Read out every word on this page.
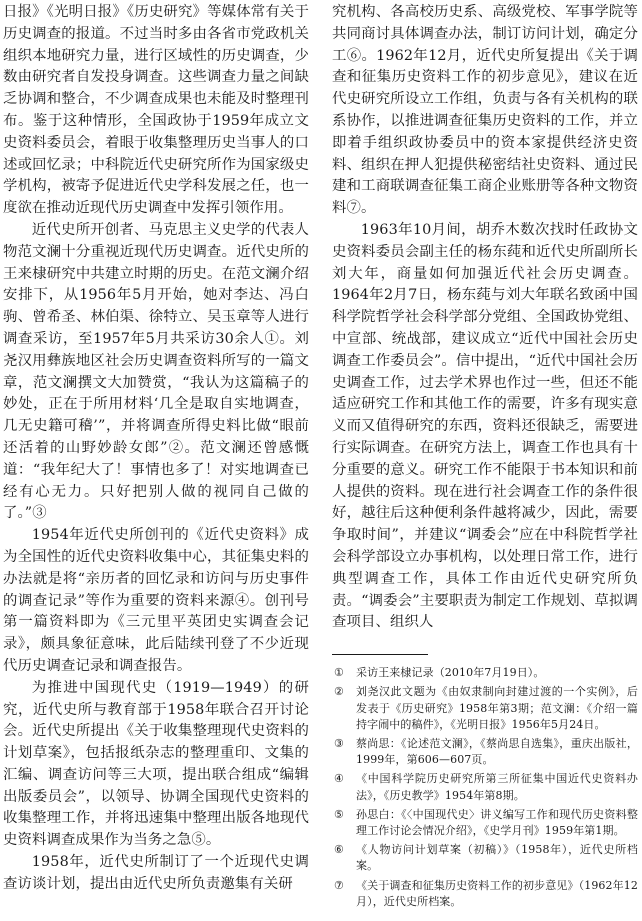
日报》《光明日报》《历史研究》等媒体常有关于历史调查的报道。不过当时多由各省市党政机关组织本地研究力量，进行区域性的历史调查，少数由研究者自发投身调查。这些调查力量之间缺乏协调和整合，不少调查成果也未能及时整理刊布。鉴于这种情形，全国政协于1959年成立文史资料委员会，着眼于收集整理历史当事人的口述或回忆录；中科院近代史研究所作为国家级史学机构，被寄予促进近代史学科发展之任，也一度欲在推动近现代历史调查中发挥引领作用。

近代史所开创者、马克思主义史学的代表人物范文澜十分重视近现代历史调查。近代史所的王来棣研究中共建立时期的历史。在范文澜介绍安排下，从1956年5月开始，她对李达、冯白驹、曾希圣、林伯渠、徐特立、吴玉章等人进行调查采访，至1957年5月共采访30余人①。刘尧汉用彝族地区社会历史调查资料所写的一篇文章，范文澜撰文大加赞赏，“我认为这篇稿子的妙处，正在于所用材料‘几全是取自实地调查，几无史籍可稽’”，并将调查所得史料比做“眼前还活着的山野妙龄女郎”②。范文澜还曾感慨道：“我年纪大了！事情也多了！对实地调查已经有心无力。只好把别人做的视同自己做的了。”③

1954年近代史所创刊的《近代史资料》成为全国性的近代史资料收集中心，其征集史料的办法就是将“亲历者的回忆录和访问与历史事件的调查记录”等作为重要的资料来源④。创刊号第一篇资料即为《三元里平英团史实调查会记录》，颇具象征意味，此后陆续刊登了不少近现代历史调查记录和调查报告。

为推进中国现代史（1919—1949）的研究，近代史所与教育部于1958年联合召开讨论会。近代史所提出《关于收集整理现代史资料的计划草案》，包括报纸杂志的整理重印、文集的汇编、调查访问等三大项，提出联合组成“编辑出版委员会”，以领导、协调全国现代史资料的收集整理工作，并将迅速集中整理出版各地现代史资料调查成果作为当务之急⑤。

1958年，近代史所制订了一个近现代史调查访谈计划，提出由近代史所负责邀集有关研

究机构、各高校历史系、高级党校、军事学院等共同商讨具体调查办法，制订访问计划，确定分工⑥。1962年12月，近代史所复提出《关于调查和征集历史资料工作的初步意见》，建议在近代史研究所设立工作组，负责与各有关机构的联系协作，以推进调查征集历史资料的工作，并立即着手组织政协委员中的资本家提供经济史资料、组织在押人犯提供秘密结社史资料、通过民建和工商联调查征集工商企业账册等各种文物资料⑦。

1963年10月间，胡乔木数次找时任政协文史资料委员会副主任的杨东莼和近代史所副所长刘大年，商量如何加强近代社会历史调查。1964年2月7日，杨东莼与刘大年联名致函中国科学院哲学社会科学部分党组、全国政协党组、中宣部、统战部，建议成立“近代中国社会历史调查工作委员会”。信中提出，“近代中国社会历史调查工作，过去学术界也作过一些，但还不能适应研究工作和其他工作的需要，许多有现实意义而又值得研究的东西，资料还很缺乏，需要进行实际调查。在研究方法上，调查工作也具有十分重要的意义。研究工作不能限于书本知识和前人提供的资料。现在进行社会调查工作的条件很好，越往后这种便利条件越将减少，因此，需要争取时间”，并建议“调委会”应在中科院哲学社会科学部设立办事机构，以处理日常工作，进行典型调查工作，具体工作由近代史研究所负责。“调委会”主要职责为制定工作规划、草拟调查项目、组织人

①	采访王来棣记录（2010年7月19日）。
②	刘尧汉此文题为《由奴隶制向封建过渡的一个实例》，后发表于《历史研究》1958年第3期；范文澜：《介绍一篇持字闹中的稿件》，《光明日报》1956年5月24日。
③	蔡尚思：《论述范文澜》，《蔡尚思自选集》，重庆出版社，1999年，第606—607页。
④	《中国科学院历史研究所第三所征集中国近代史资料办法》，《历史教学》1954年第8期。
⑤	孙思白：《〈中国现代史〉讲义编写工作和现代历史资料整理工作讨论会情况介绍》，《史学月刊》1959年第1期。
⑥	《人物访问计划草案（初稿）》（1958年），近代史所档案。
⑦	《关于调查和征集历史资料工作的初步意见》（1962年12月），近代史所档案。
